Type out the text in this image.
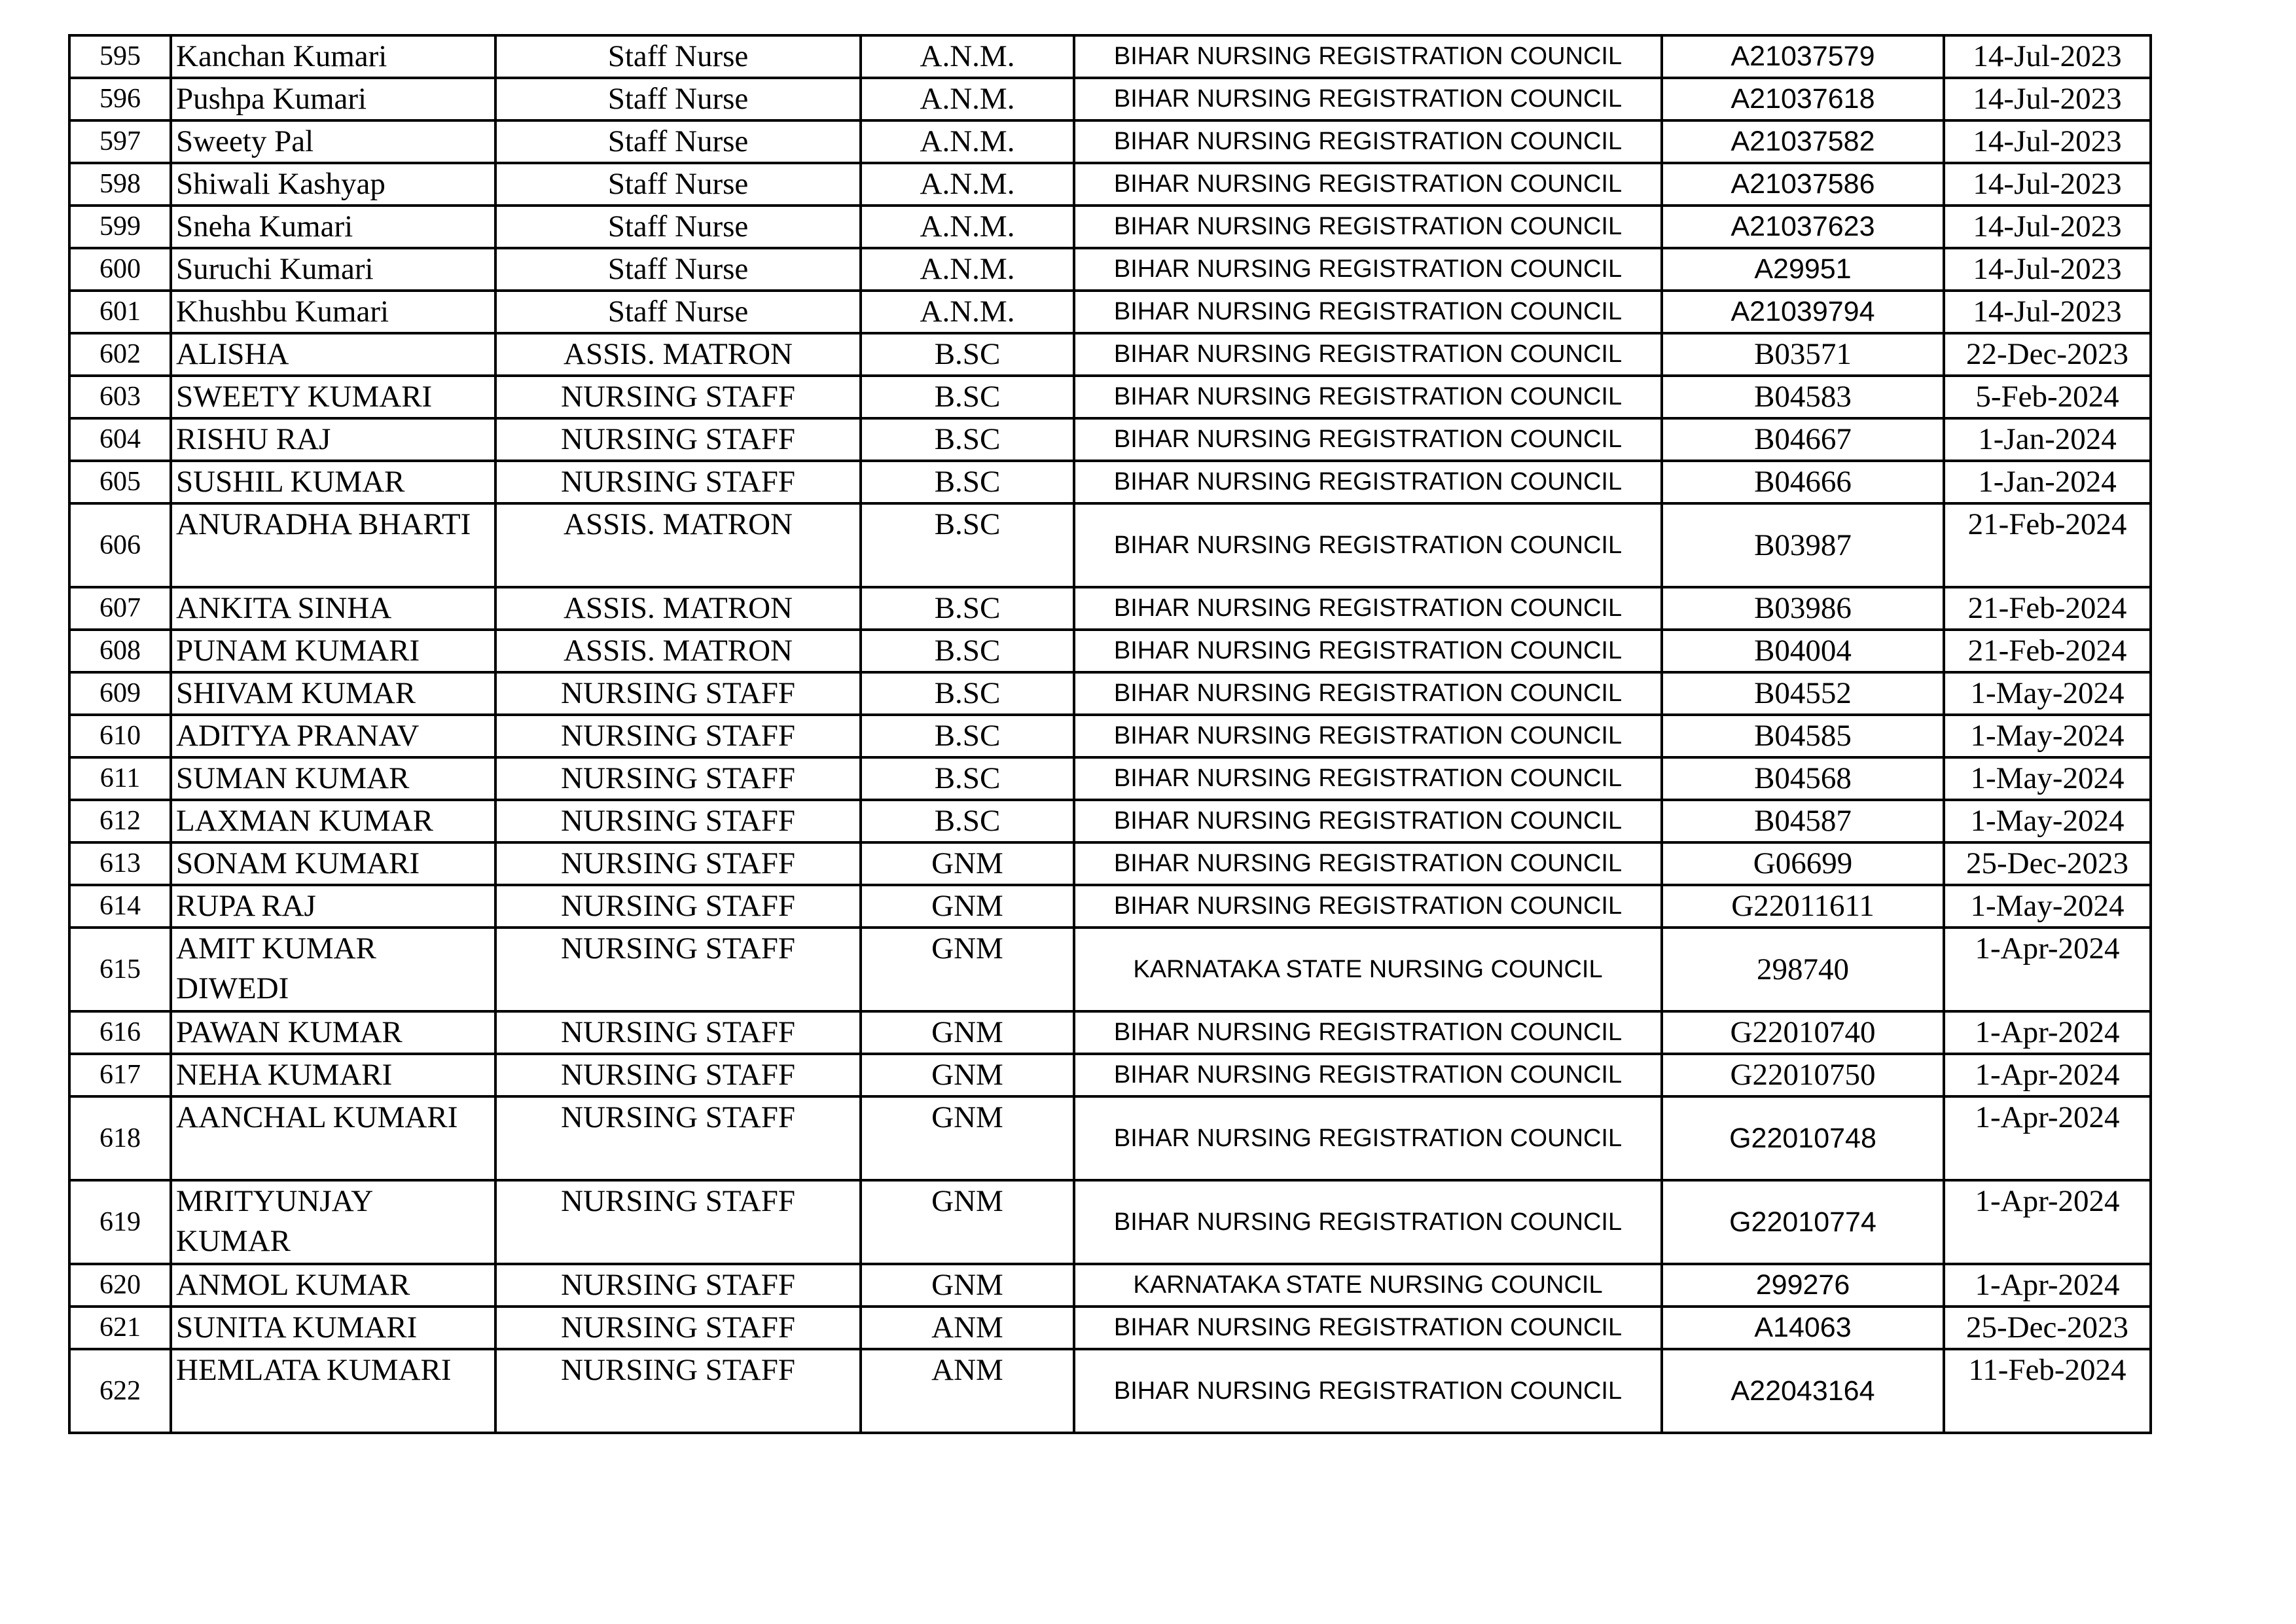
595	Kanchan Kumari	Staff Nurse	A.N.M.	BIHAR NURSING REGISTRATION COUNCIL	A21037579	14-Jul-2023
596	Pushpa Kumari	Staff Nurse	A.N.M.	BIHAR NURSING REGISTRATION COUNCIL	A21037618	14-Jul-2023
597	Sweety Pal	Staff Nurse	A.N.M.	BIHAR NURSING REGISTRATION COUNCIL	A21037582	14-Jul-2023
598	Shiwali Kashyap	Staff Nurse	A.N.M.	BIHAR NURSING REGISTRATION COUNCIL	A21037586	14-Jul-2023
599	Sneha Kumari	Staff Nurse	A.N.M.	BIHAR NURSING REGISTRATION COUNCIL	A21037623	14-Jul-2023
600	Suruchi Kumari	Staff Nurse	A.N.M.	BIHAR NURSING REGISTRATION COUNCIL	A29951	14-Jul-2023
601	Khushbu Kumari	Staff Nurse	A.N.M.	BIHAR NURSING REGISTRATION COUNCIL	A21039794	14-Jul-2023
602	ALISHA	ASSIS. MATRON	B.SC	BIHAR NURSING REGISTRATION COUNCIL	B03571	22-Dec-2023
603	SWEETY KUMARI	NURSING STAFF	B.SC	BIHAR NURSING REGISTRATION COUNCIL	B04583	5-Feb-2024
604	RISHU RAJ	NURSING STAFF	B.SC	BIHAR NURSING REGISTRATION COUNCIL	B04667	1-Jan-2024
605	SUSHIL KUMAR	NURSING STAFF	B.SC	BIHAR NURSING REGISTRATION COUNCIL	B04666	1-Jan-2024
606	ANURADHA BHARTI	ASSIS. MATRON	B.SC	BIHAR NURSING REGISTRATION COUNCIL	B03987	21-Feb-2024
607	ANKITA SINHA	ASSIS. MATRON	B.SC	BIHAR NURSING REGISTRATION COUNCIL	B03986	21-Feb-2024
608	PUNAM KUMARI	ASSIS. MATRON	B.SC	BIHAR NURSING REGISTRATION COUNCIL	B04004	21-Feb-2024
609	SHIVAM KUMAR	NURSING STAFF	B.SC	BIHAR NURSING REGISTRATION COUNCIL	B04552	1-May-2024
610	ADITYA PRANAV	NURSING STAFF	B.SC	BIHAR NURSING REGISTRATION COUNCIL	B04585	1-May-2024
611	SUMAN KUMAR	NURSING STAFF	B.SC	BIHAR NURSING REGISTRATION COUNCIL	B04568	1-May-2024
612	LAXMAN KUMAR	NURSING STAFF	B.SC	BIHAR NURSING REGISTRATION COUNCIL	B04587	1-May-2024
613	SONAM KUMARI	NURSING STAFF	GNM	BIHAR NURSING REGISTRATION COUNCIL	G06699	25-Dec-2023
614	RUPA RAJ	NURSING STAFF	GNM	BIHAR NURSING REGISTRATION COUNCIL	G22011611	1-May-2024
615	AMIT KUMAR DIWEDI	NURSING STAFF	GNM	KARNATAKA STATE NURSING COUNCIL	298740	1-Apr-2024
616	PAWAN KUMAR	NURSING STAFF	GNM	BIHAR NURSING REGISTRATION COUNCIL	G22010740	1-Apr-2024
617	NEHA KUMARI	NURSING STAFF	GNM	BIHAR NURSING REGISTRATION COUNCIL	G22010750	1-Apr-2024
618	AANCHAL KUMARI	NURSING STAFF	GNM	BIHAR NURSING REGISTRATION COUNCIL	G22010748	1-Apr-2024
619	MRITYUNJAY KUMAR	NURSING STAFF	GNM	BIHAR NURSING REGISTRATION COUNCIL	G22010774	1-Apr-2024
620	ANMOL KUMAR	NURSING STAFF	GNM	KARNATAKA STATE NURSING COUNCIL	299276	1-Apr-2024
621	SUNITA KUMARI	NURSING STAFF	ANM	BIHAR NURSING REGISTRATION COUNCIL	A14063	25-Dec-2023
622	HEMLATA KUMARI	NURSING STAFF	ANM	BIHAR NURSING REGISTRATION COUNCIL	A22043164	11-Feb-2024
